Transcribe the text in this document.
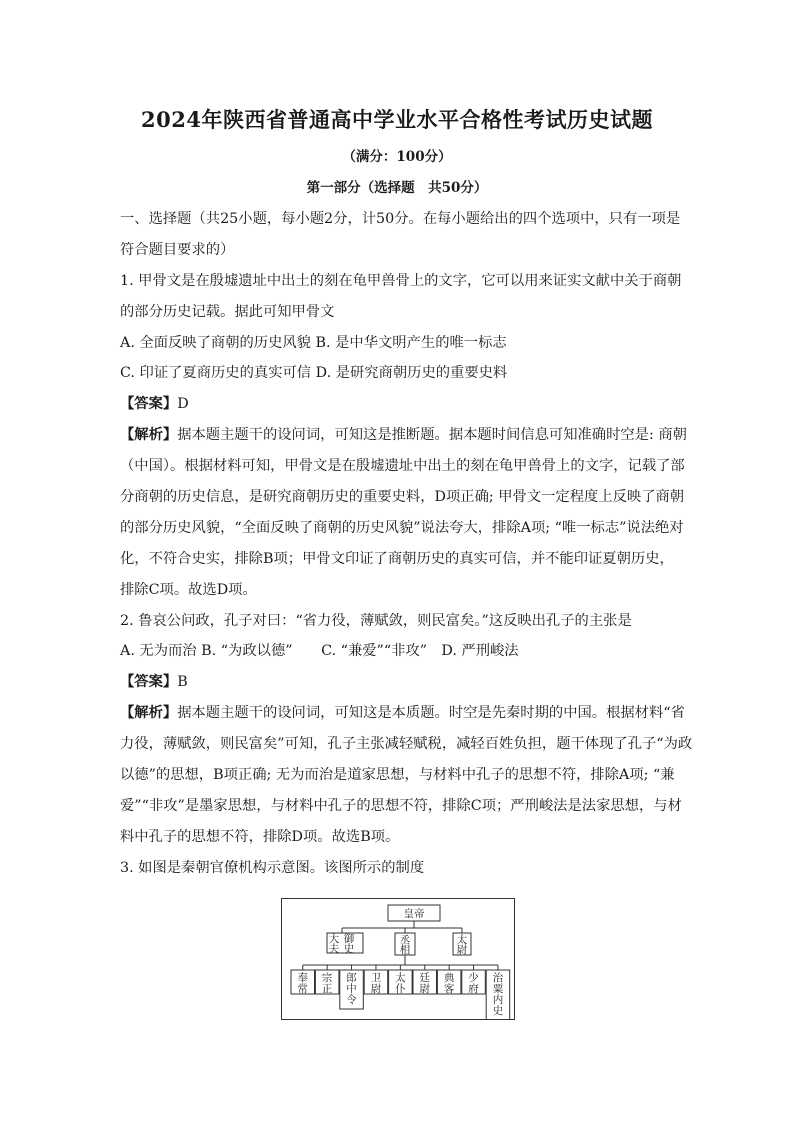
2024年陕西省普通高中学业水平合格性考试历史试题
（满分：100分）
第一部分（选择题　共50分）
一、选择题（共25小题，每小题2分，计50分。在每小题给出的四个选项中，只有一项是
符合题目要求的）
1. 甲骨文是在殷墟遗址中出土的刻在龟甲兽骨上的文字，它可以用来证实文献中关于商朝
的部分历史记载。据此可知甲骨文
A. 全面反映了商朝的历史风貌 B. 是中华文明产生的唯一标志
C. 印证了夏商历史的真实可信 D. 是研究商朝历史的重要史料
【答案】D
【解析】据本题主题干的设问词，可知这是推断题。据本题时间信息可知准确时空是: 商朝
（中国）。根据材料可知，甲骨文是在殷墟遗址中出土的刻在龟甲兽骨上的文字，记载了部
分商朝的历史信息，是研究商朝历史的重要史料，D项正确; 甲骨文一定程度上反映了商朝
的部分历史风貌，“全面反映了商朝的历史风貌”说法夸大，排除A项; “唯一标志”说法绝对
化，不符合史实，排除B项；甲骨文印证了商朝历史的真实可信，并不能印证夏朝历史，
排除C项。故选D项。
2. 鲁哀公问政，孔子对曰：“省力役，薄赋敛，则民富矣。”这反映出孔子的主张是
A. 无为而治 B. “为政以德”　　C. “兼爱”“非攻”　D. 严刑峻法
【答案】B
【解析】据本题主题干的设问词，可知这是本质题。时空是先秦时期的中国。根据材料“省
力役，薄赋敛，则民富矣”可知，孔子主张减轻赋税，减轻百姓负担，题干体现了孔子“为政
以德”的思想，B项正确; 无为而治是道家思想，与材料中孔子的思想不符，排除A项; “兼
爱”“非攻”是墨家思想，与材料中孔子的思想不符，排除C项；严刑峻法是法家思想，与材
料中孔子的思想不符，排除D项。故选B项。
3. 如图是秦朝官僚机构示意图。该图所示的制度
皇帝
大
夫
御
史
丞
相
太
尉
奉
常
宗
正
郎
中
令
卫
尉
太
仆
廷
尉
典
客
少
府
治
粟
内
史
